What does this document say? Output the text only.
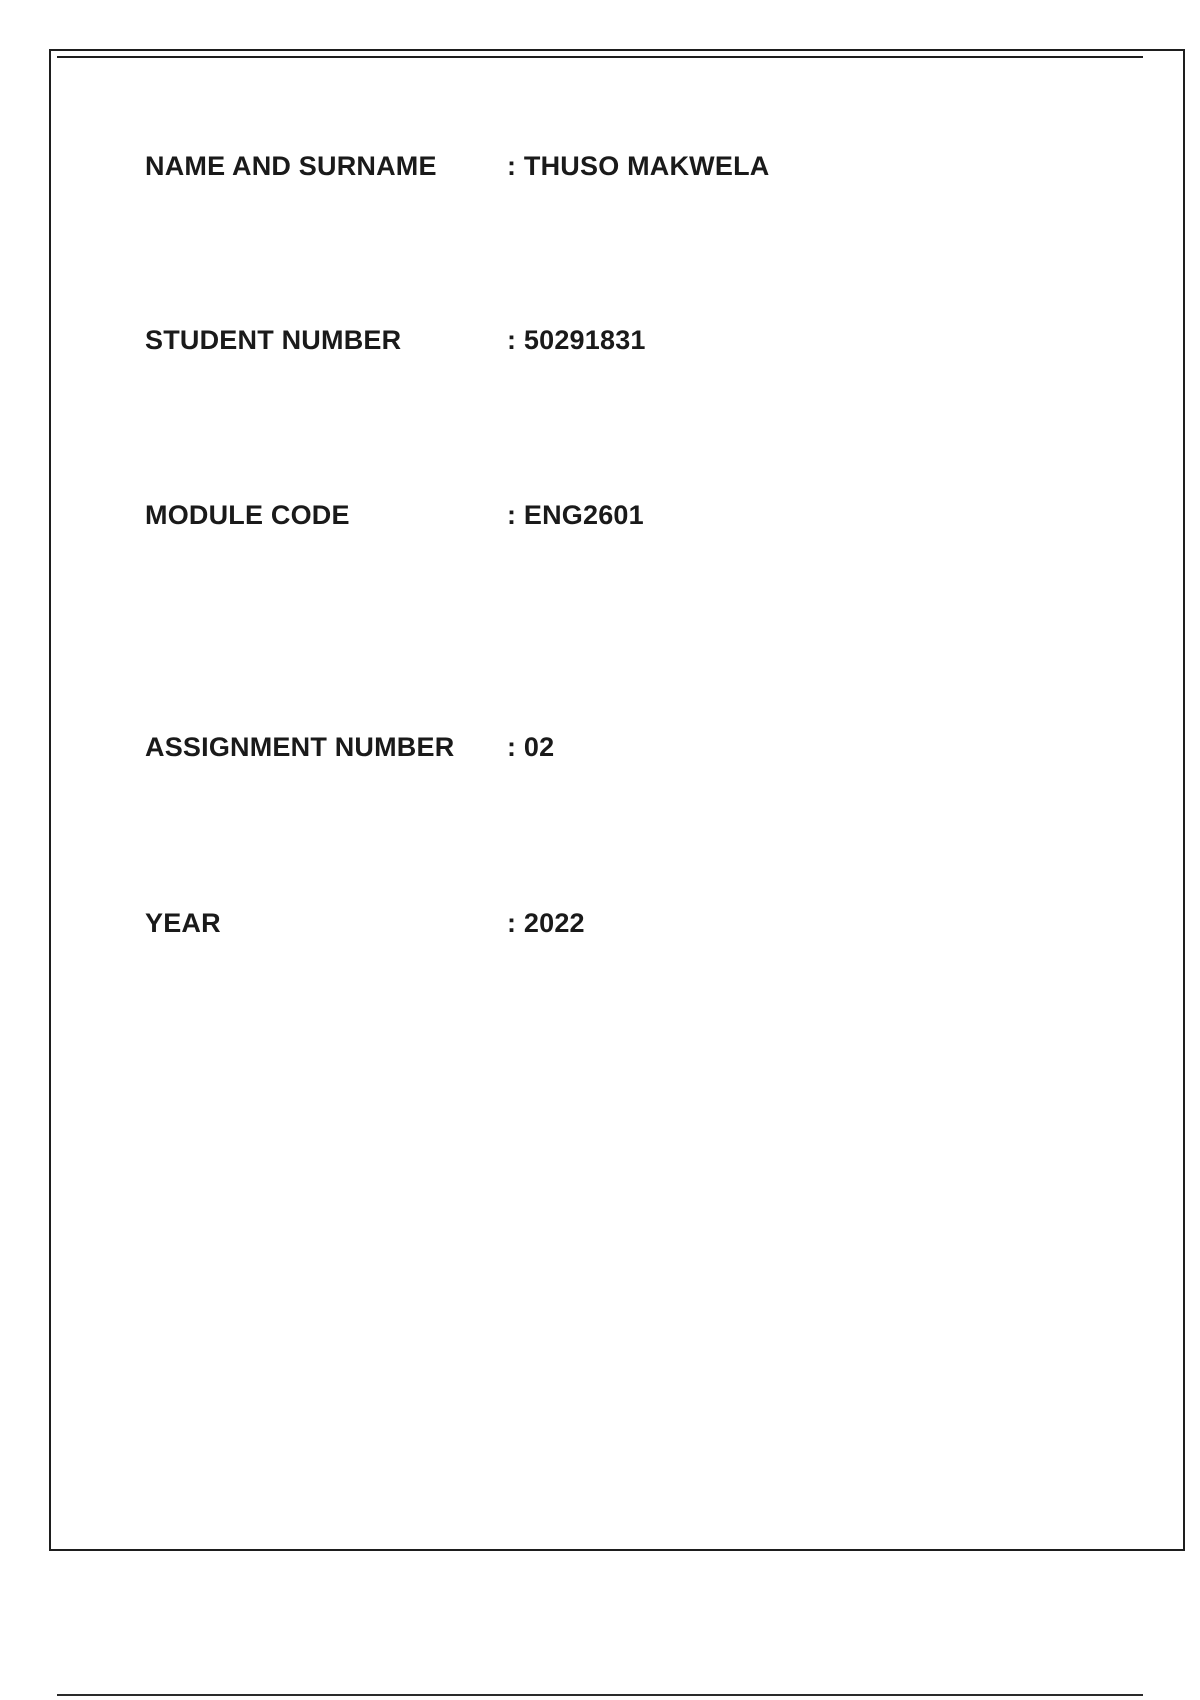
NAME AND SURNAME	: THUSO MAKWELA
STUDENT NUMBER	: 50291831
MODULE CODE	: ENG2601
ASSIGNMENT NUMBER : 02
YEAR	: 2022
